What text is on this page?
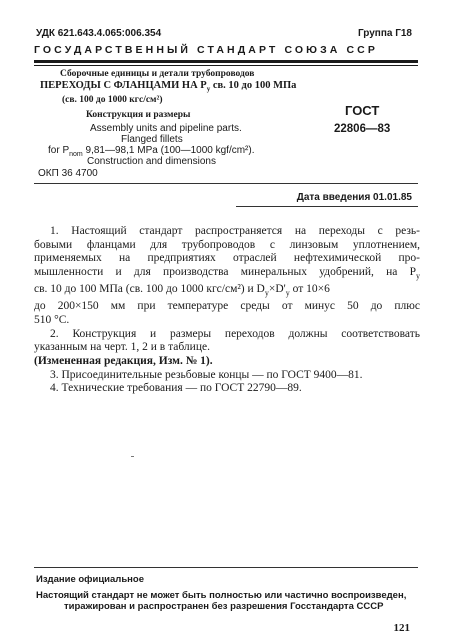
УДК 621.643.4.065:006.354	Группа Г18
ГОСУДАРСТВЕННЫЙ СТАНДАРТ СОЮЗА ССР
Сборочные единицы и детали трубопроводов
ПЕРЕХОДЫ С ФЛАНЦАМИ НА $P_у$ св. 10 до 100 МПа
(св. 100 до 1000 кгс/см²)
Конструкция и размеры
Assembly units and pipeline parts.
Flanged fillets
for $P_{nom}$ 9,81—98,1 MPa (100—1000 kgf/cm²).
Construction and dimensions
ГОСТ
22806—83
ОКП 36 4700
Дата введения 01.01.85

1. Настоящий стандарт распространяется на переходы с резь-

бовыми фланцами для трубопроводов с линзовым уплотнением,

применяемых на предприятиях отраслей нефтехимической про-

мышленности и для производства минеральных удобрений, на $P_у$

св. 10 до 100 МПа (св. 100 до 1000 кгс/см²) и $D_у\times D'_у$ от 10×6

до 200×150 мм при температуре среды от минус 50 до плюс

510 °С.

2. Конструкция и размеры переходов должны соответствовать

указанным на черт. 1, 2 и в таблице.

(Измененная редакция, Изм. № 1).

3. Присоединительные резьбовые концы — по ГОСТ 9400—81.

4. Технические требования — по ГОСТ 22790—89.

Издание официальное
Настоящий стандарт не может быть полностью или частично воспроизведен,
тиражирован и распространен без разрешения Госстандарта СССР
121
